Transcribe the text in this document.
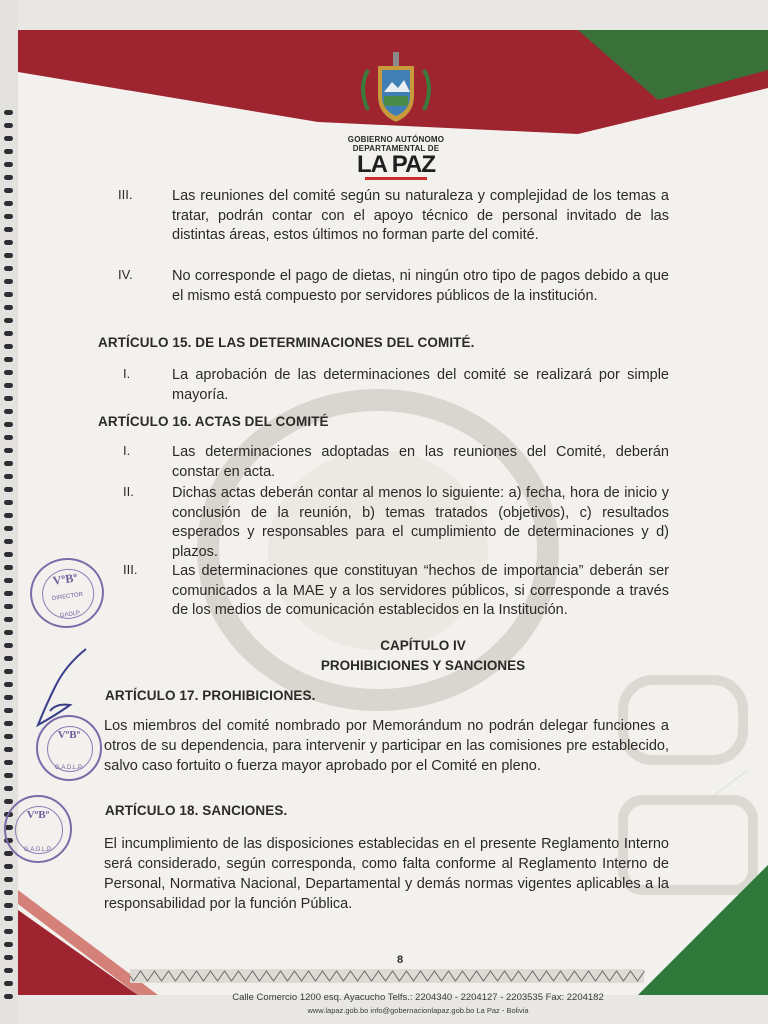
GOBIERNO AUTÓNOMO
DEPARTAMENTAL DE
LA PAZ
III.	Las reuniones del comité según su naturaleza y complejidad de los temas a tratar, podrán contar con el apoyo técnico de personal invitado de las distintas áreas, estos últimos no forman parte del comité.
IV.	No corresponde el pago de dietas, ni ningún otro tipo de pagos debido a que el mismo está compuesto por servidores públicos de la institución.
ARTÍCULO 15. DE LAS DETERMINACIONES DEL COMITÉ.
I.	La aprobación de las determinaciones del comité se realizará por simple mayoría.
ARTÍCULO 16. ACTAS DEL COMITÉ
I.	Las determinaciones adoptadas en las reuniones del Comité, deberán constar en acta.
II.	Dichas actas deberán contar al menos lo siguiente: a) fecha, hora de inicio y conclusión de la reunión, b) temas tratados (objetivos), c) resultados esperados y responsables para el cumplimiento de determinaciones y d) plazos.
III. Las determinaciones que constituyan “hechos de importancia” deberán ser comunicados a la MAE y a los servidores públicos, si corresponde a través de los medios de comunicación establecidos en la Institución.
CAPÍTULO IV
PROHIBICIONES Y SANCIONES
ARTÍCULO 17. PROHIBICIONES.
Los miembros del comité nombrado por Memorándum no podrán delegar funciones a otros de su dependencia, para intervenir y participar en las comisiones pre establecido, salvo caso fortuito o fuerza mayor aprobado por el Comité en pleno.
ARTÍCULO 18. SANCIONES.
El incumplimiento de las disposiciones establecidas en el presente Reglamento Interno será considerado, según corresponda, como falta conforme al Reglamento Interno de Personal, Normativa Nacional, Departamental y demás normas vigentes aplicables a la responsabilidad por la función Pública.
VºBº
DIRECTOR
GADLP
VºBº
G.A.D.L.P.
VºBº
G.A.D.L.P.
8
Calle Comercio 1200 esq. Ayacucho Telfs.: 2204340 - 2204127 - 2203535 Fax: 2204182
www.lapaz.gob.bo info@gobernacionlapaz.gob.bo La Paz - Bolivia
